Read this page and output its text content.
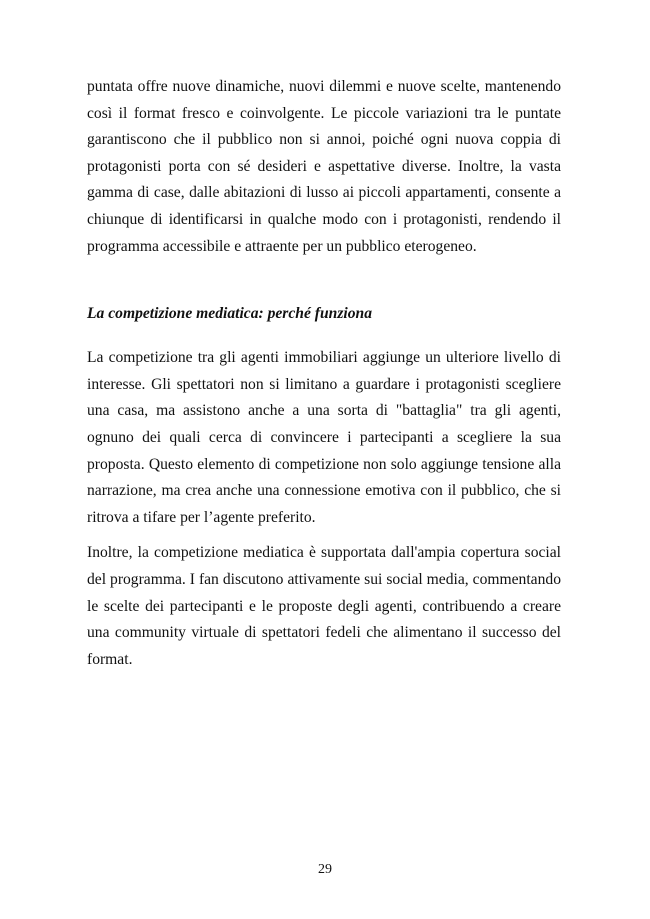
puntata offre nuove dinamiche, nuovi dilemmi e nuove scelte, mantenendo così il format fresco e coinvolgente. Le piccole variazioni tra le puntate garantiscono che il pubblico non si annoi, poiché ogni nuova coppia di protagonisti porta con sé desideri e aspettative diverse. Inoltre, la vasta gamma di case, dalle abitazioni di lusso ai piccoli appartamenti, consente a chiunque di identificarsi in qualche modo con i protagonisti, rendendo il programma accessibile e attraente per un pubblico eterogeneo.

La competizione mediatica: perché funziona

La competizione tra gli agenti immobiliari aggiunge un ulteriore livello di interesse. Gli spettatori non si limitano a guardare i protagonisti scegliere una casa, ma assistono anche a una sorta di "battaglia" tra gli agenti, ognuno dei quali cerca di convincere i partecipanti a scegliere la sua proposta. Questo elemento di competizione non solo aggiunge tensione alla narrazione, ma crea anche una connessione emotiva con il pubblico, che si ritrova a tifare per l’agente preferito.

Inoltre, la competizione mediatica è supportata dall'ampia copertura social del programma. I fan discutono attivamente sui social media, commentando le scelte dei partecipanti e le proposte degli agenti, contribuendo a creare una community virtuale di spettatori fedeli che alimentano il successo del format.

29
